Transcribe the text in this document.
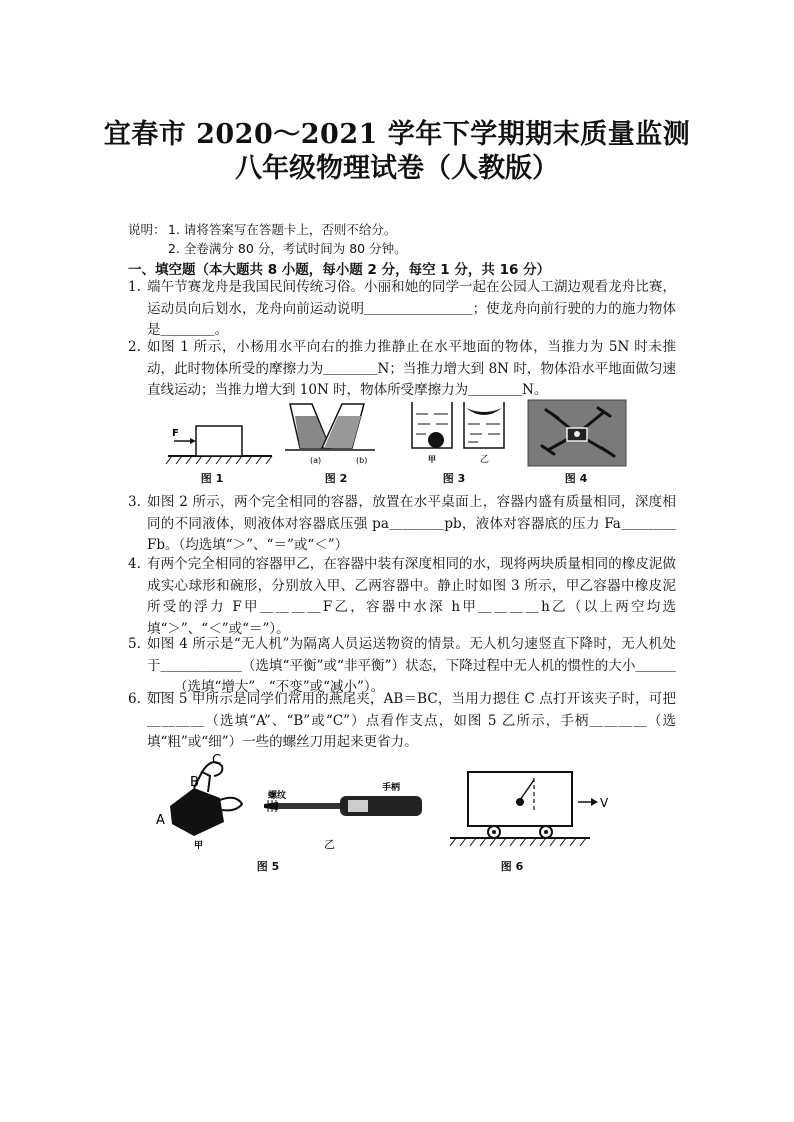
宜春市 2020～2021 学年下学期期末质量监测
八年级物理试卷（人教版）
说明： 1. 请将答案写在答题卡上，否则不给分。
2. 全卷满分 80 分，考试时间为 80 分钟。
一、填空题（本大题共 8 小题，每小题 2 分，每空 1 分，共 16 分）
1. 端午节赛龙舟是我国民间传统习俗。小丽和她的同学一起在公园人工湖边观看龙舟比赛，运动员向后划水，龙舟向前运动说明＿＿＿＿＿＿＿＿；使龙舟向前行驶的力的施力物体是＿＿＿＿。
2. 如图 1 所示，小杨用水平向右的推力推静止在水平地面的物体，当推力为 5N 时未推动，此时物体所受的摩擦力为＿＿＿＿N；当推力增大到 8N 时，物体沿水平地面做匀速直线运动；当推力增大到 10N 时，物体所受摩擦力为＿＿＿＿N。
F
(a)	(b)	甲	乙
图 1	图 2	图 3	图 4
3. 如图 2 所示，两个完全相同的容器，放置在水平桌面上，容器内盛有质量相同，深度相同的不同液体，则液体对容器底压强 pa＿＿＿＿pb，液体对容器底的压力 Fa＿＿＿＿Fb。（均选填“＞”、“＝”或“＜”）
4. 有两个完全相同的容器甲乙，在容器中装有深度相同的水，现将两块质量相同的橡皮泥做成实心球形和碗形，分别放入甲、乙两容器中。静止时如图 3 所示，甲乙容器中橡皮泥所受的浮力 F甲＿＿＿＿F乙，容器中水深 h甲＿＿＿＿h乙（以上两空均选填“＞”、“＜”或“＝”）。
5. 如图 4 所示是“无人机”为隔离人员运送物资的情景。无人机匀速竖直下降时，无人机处于＿＿＿＿＿＿（选填“平衡”或“非平衡”）状态，下降过程中无人机的惯性的大小＿＿＿＿＿（选填“增大”、“不变”或“减小”）。
6. 如图 5 甲所示是同学们常用的燕尾夹，AB＝BC，当用力摁住 C 点打开该夹子时，可把＿＿＿＿（选填“A”、“B”或“C”）点看作支点，如图 5 乙所示，手柄＿＿＿＿（选填“粗”或“细”）一些的螺丝刀用起来更省力。
C
B
A
甲
螺纹
手柄
乙
V
图 5	图 6
